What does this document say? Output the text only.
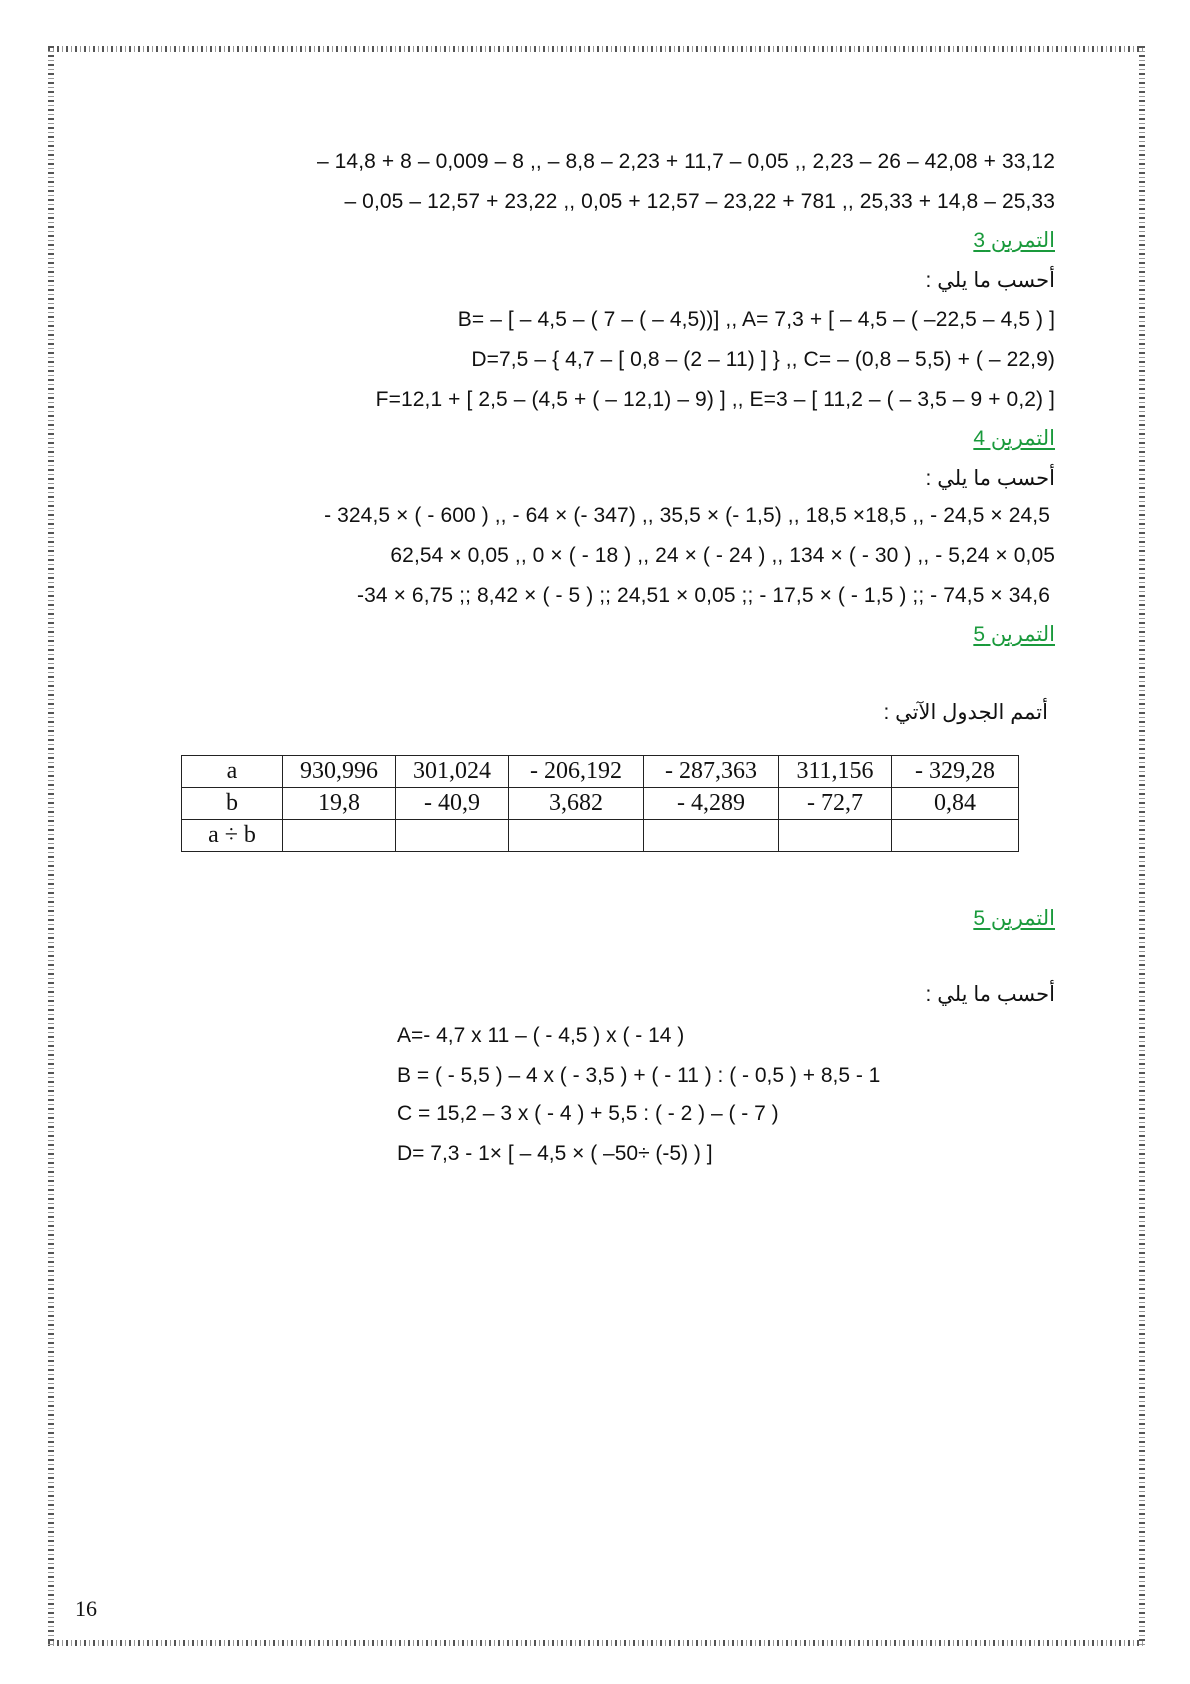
– 14,8 + 8 – 0,009 – 8 ,, – 8,8 – 2,23 + 11,7 – 0,05 ,, 2,23 – 26 – 42,08 + 33,12
– 0,05 – 12,57 + 23,22 ,, 0,05 + 12,57 – 23,22 + 781 ,, 25,33 + 14,8 – 25,33
التمرين 3
أحسب ما يلي :
B= – [ – 4,5 – ( 7 – ( – 4,5))] ,, A= 7,3 + [ – 4,5 – ( –22,5 – 4,5 ) ]
D=7,5 – { 4,7 – [ 0,8 – (2 – 11) ] } ,, C= – (0,8 – 5,5) + ( – 22,9)
F=12,1 + [ 2,5 – (4,5 + ( – 12,1) – 9) ] ,, E=3 – [ 11,2 – ( – 3,5 – 9 + 0,2) ]
التمرين 4
أحسب ما يلي :
- 324,5 × ( - 600 ) ,, - 64 × (- 347) ,, 35,5 × (- 1,5) ,, 18,5 ×18,5 ,, - 24,5 × 24,5
62,54 × 0,05 ,, 0 × ( - 18 ) ,, 24 × ( - 24 ) ,, 134 × ( - 30 ) ,, - 5,24 × 0,05
-34 × 6,75 ;; 8,42 × ( - 5 ) ;; 24,51 × 0,05 ;; - 17,5 × ( - 1,5 ) ;; - 74,5 × 34,6
التمرين 5
أتمم الجدول الآتي :
a	930,996	301,024	- 206,192	- 287,363	311,156	- 329,28
b	19,8	- 40,9	3,682	- 4,289	- 72,7	0,84
a ÷ b						
التمرين 5
أحسب ما يلي :
A=- 4,7 x 11 – ( - 4,5 ) x ( - 14 )
B = ( - 5,5 ) – 4 x ( - 3,5 ) + ( - 11 ) : ( - 0,5 ) + 8,5 - 1
C = 15,2 – 3 x ( - 4 ) + 5,5 : ( - 2 ) – ( - 7 )
D= 7,3 - 1× [ – 4,5 × ( –50÷ (-5) ) ]
16
